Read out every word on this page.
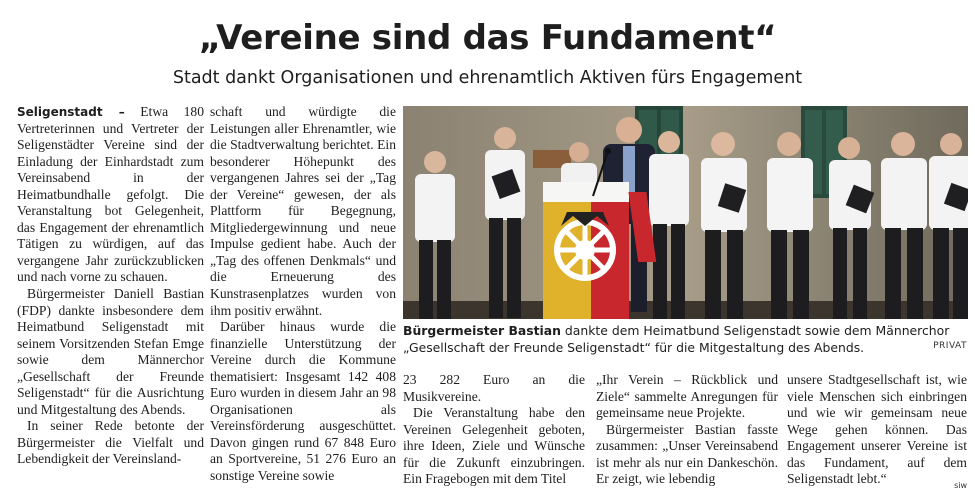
„Vereine sind das Fundament“
Stadt dankt Organisationen und ehrenamtlich Aktiven fürs Engagement

Seligenstadt – Etwa 180 Vertreterinnen und Vertreter der Seligenstädter Vereine sind der Einladung der Einhardstadt zum Vereinsabend in der Heimatbundhalle gefolgt. Die Veranstaltung bot Gelegenheit, das Engagement der ehrenamtlich Tätigen zu würdigen, auf das vergangene Jahr zurückzublicken und nach vorne zu schauen.

Bürgermeister Daniell Bastian (FDP) dankte insbesondere dem Heimatbund Seligenstadt mit seinem Vorsitzenden Stefan Emge sowie dem Männerchor „Gesellschaft der Freunde Seligenstadt“ für die Ausrichtung und Mitgestaltung des Abends.

In seiner Rede betonte der Bürgermeister die Vielfalt und Lebendigkeit der Vereinsland-

schaft und würdigte die Leistungen aller Ehrenamtler, wie die Stadtverwaltung berichtet. Ein besonderer Höhepunkt des vergangenen Jahres sei der „Tag der Vereine“ gewesen, der als Plattform für Begegnung, Mitgliedergewinnung und neue Impulse gedient habe. Auch der „Tag des offenen Denkmals“ und die Erneuerung des Kunstrasenplatzes wurden von ihm positiv erwähnt.

Darüber hinaus wurde die finanzielle Unterstützung der Vereine durch die Kommune thematisiert: Insgesamt 142 408 Euro wurden in diesem Jahr an 98 Organisationen als Vereinsförderung ausgeschüttet. Davon gingen rund 67 848 Euro an Sportvereine, 51 276 Euro an sonstige Vereine sowie

Bürgermeister Bastian dankte dem Heimatbund Seligenstadt sowie dem Männerchor „Gesellschaft der Freunde Seligenstadt“ für die Mitgestaltung des Abends.	PRIVAT

23 282 Euro an die Musikvereine.

Die Veranstaltung habe den Vereinen Gelegenheit geboten, ihre Ideen, Ziele und Wünsche für die Zukunft einzubringen. Ein Fragebogen mit dem Titel

„Ihr Verein – Rückblick und Ziele“ sammelte Anregungen für gemeinsame neue Projekte.

Bürgermeister Bastian fasste zusammen: „Unser Vereinsabend ist mehr als nur ein Dankeschön. Er zeigt, wie lebendig

unsere Stadtgesellschaft ist, wie viele Menschen sich einbringen und wie wir gemeinsam neue Wege gehen können. Das Engagement unserer Vereine ist das Fundament, auf dem Seligenstadt lebt.“	siw
